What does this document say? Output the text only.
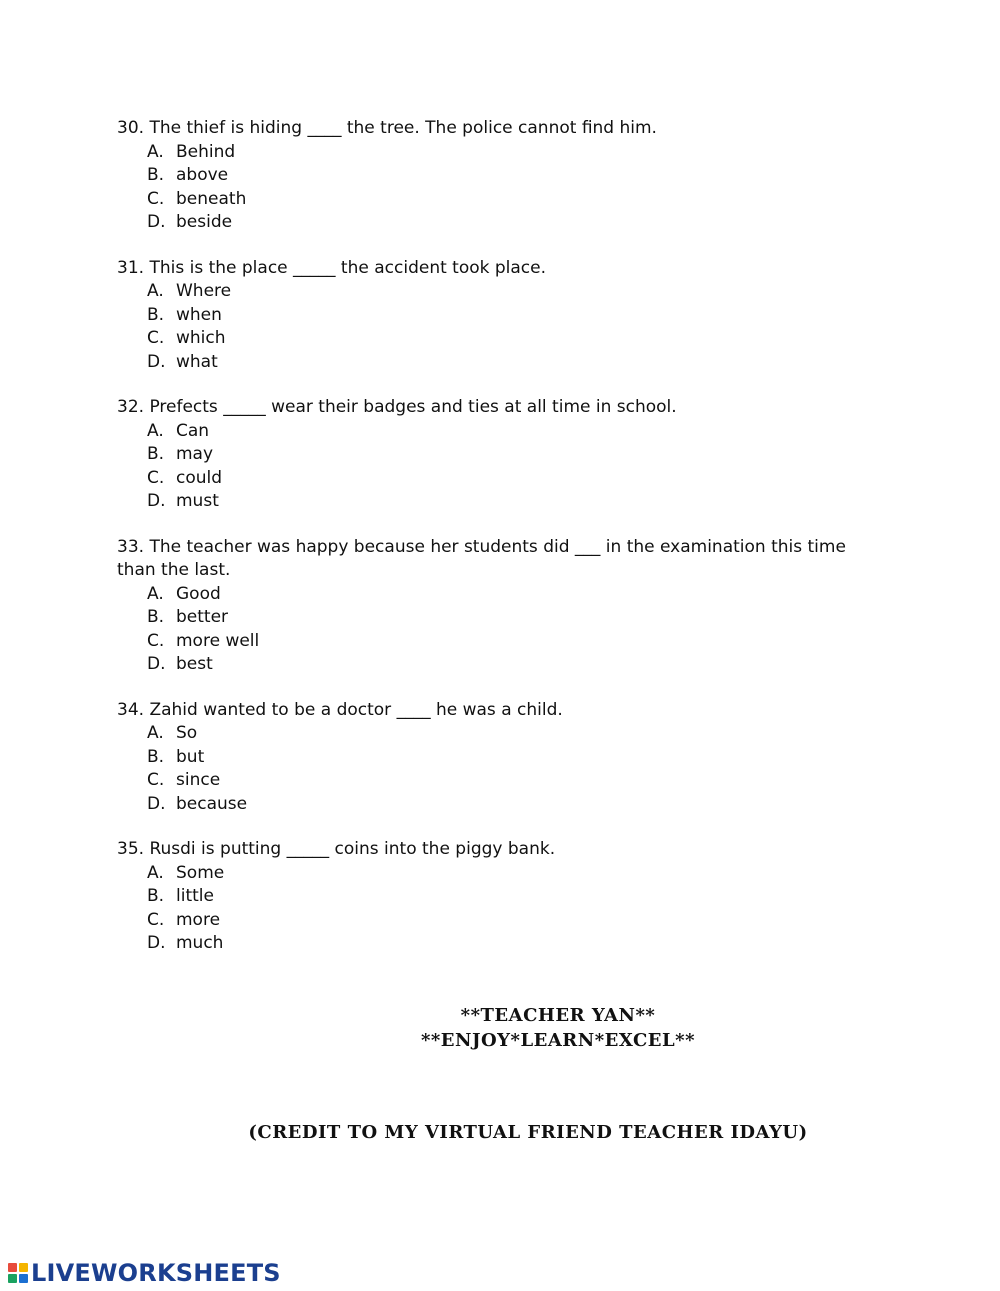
30. The thief is hiding ____ the tree. The police cannot find him.

A. Behind
B. above
C. beneath
D. beside

31. This is the place _____ the accident took place.

A. Where
B. when
C. which
D. what

32. Prefects _____ wear their badges and ties at all time in school.

A. Can
B. may
C. could
D. must

33. The teacher was happy because her students did ___ in the examination this time than the last.

A. Good
B. better
C. more well
D. best

34. Zahid wanted to be a doctor ____ he was a child.

A. So
B. but
C. since
D. because

35. Rusdi is putting _____ coins into the piggy bank.

A. Some
B. little
C. more
D. much
**TEACHER YAN**
**ENJOY*LEARN*EXCEL**
(CREDIT TO MY VIRTUAL FRIEND TEACHER IDAYU)
LIVEWORKSHEETS
